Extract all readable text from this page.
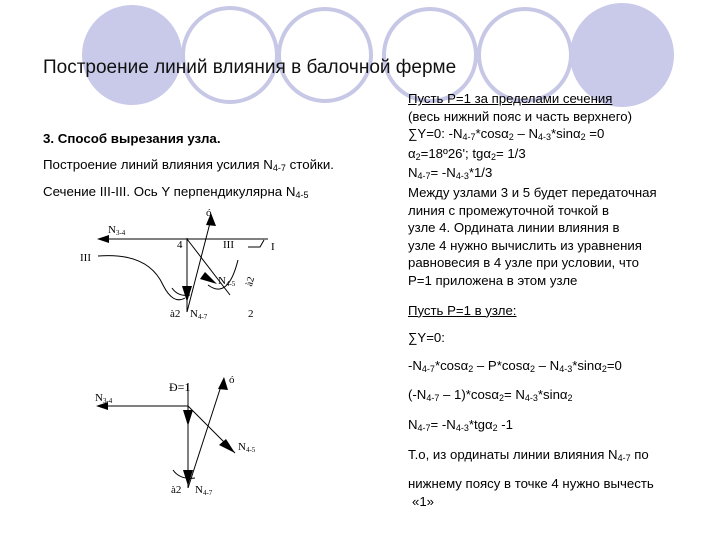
Построение линий влияния в балочной ферме
3. Способ вырезания узла.
Построение линий влияния усилия N4-7 стойки.
Сечение III-III. Ось Y перпендикулярна N4-5
ó
N3-4
4	III	I
III
N4-5 à2
à2 N4-7	2
Ð=1	ó
N3-4
N4-5
à2 N4-7
Пусть Р=1 за пределами сечения
(весь нижний пояс и часть верхнего)
∑Y=0: -N4-7*cosα2 – N4-3*sinα2 =0
α2=18º26'; tgα2= 1/3
N4-7= -N4-3*1/3
Между узлами 3 и 5 будет передаточная
линия с промежуточной точкой в
узле 4. Ордината линии влияния в
узле 4 нужно вычислить из уравнения
равновесия в 4 узле при условии, что
Р=1 приложена в этом узле
Пусть Р=1 в узле:
∑Y=0:
-N4-7*cosα2 – P*cosα2 – N4-3*sinα2=0
(-N4-7 – 1)*cosα2= N4-3*sinα2
N4-7= -N4-3*tgα2 -1
Т.о, из ординаты линии влияния N4-7 по
нижнему поясу в точке 4 нужно вычесть
«1»
